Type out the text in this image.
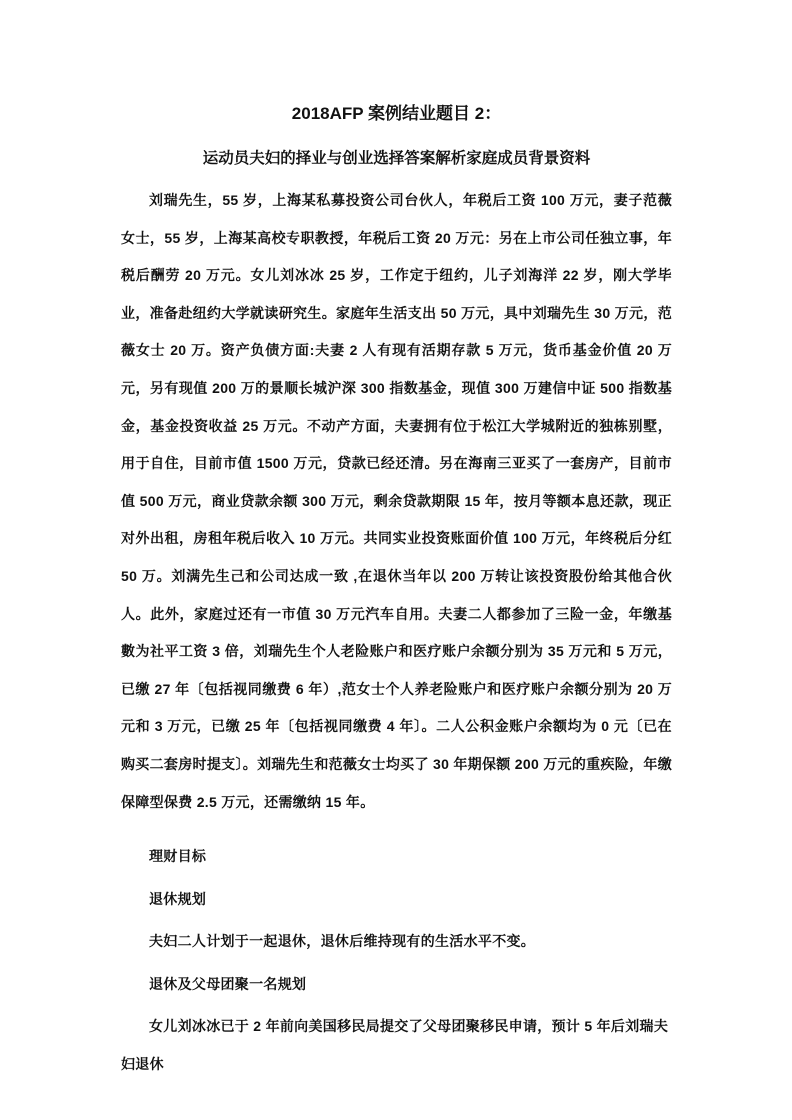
2018AFP 案例结业题目 2：
运动员夫妇的择业与创业选择答案解析家庭成员背景资料

刘瑞先生，55 岁，上海某私募投资公司台伙人，年税后工资 100 万元，妻子范薇女士，55 岁，上海某高校专职教授，年税后工资 20 万元：另在上市公司任独立事，年税后酬劳 20 万元。女儿刘冰冰 25 岁，工作定于纽约，儿子刘海洋 22 岁，刚大学毕业，准备赴纽约大学就读研究生。家庭年生活支出 50 万元，具中刘瑞先生 30 万元，范薇女士 20 万。资产负债方面:夫妻 2 人有现有活期存款 5 万元，货币基金价值 20 万元，另有现值 200 万的景顺长城沪深 300 指数基金，现值 300 万建信中证 500 指数基金，基金投资收益 25 万元。不动产方面，夫妻拥有位于松江大学城附近的独栋别墅，用于自住，目前市值 1500 万元，贷款已经还清。另在海南三亚买了一套房产，目前市值 500 万元，商业贷款余额 300 万元，剩余贷款期限 15 年，按月等额本息还款，现正对外出租，房租年税后收入 10 万元。共同实业投资账面价值 100 万元，年终税后分红 50 万。刘满先生己和公司达成一致 ,在退休当年以 200 万转让该投资股份给其他合伙人。此外，家庭过还有一市值 30 万元汽车自用。夫妻二人都参加了三险一金，年缴基數为社平工资 3 倍，刘瑞先生个人老险账户和医疗账户余额分别为 35 万元和 5 万元，已缴 27 年〔包括视同缴费 6 年）,范女士个人养老险账户和医疗账户余额分别为 20 万元和 3 万元，已缴 25 年〔包括视同缴费 4 年〕。二人公积金账户余额均为 0 元〔已在购买二套房时提支〕。刘瑞先生和范薇女士均买了 30 年期保额 200 万元的重疾险，年缴保障型保费 2.5 万元，还需缴纳 15 年。

理财目标

退休规划

夫妇二人计划于一起退休，退休后维持现有的生活水平不变。

退休及父母团聚一名规划

女儿刘冰冰已于 2 年前向美国移民局提交了父母团聚移民申请，预计 5 年后刘瑞夫妇退休
